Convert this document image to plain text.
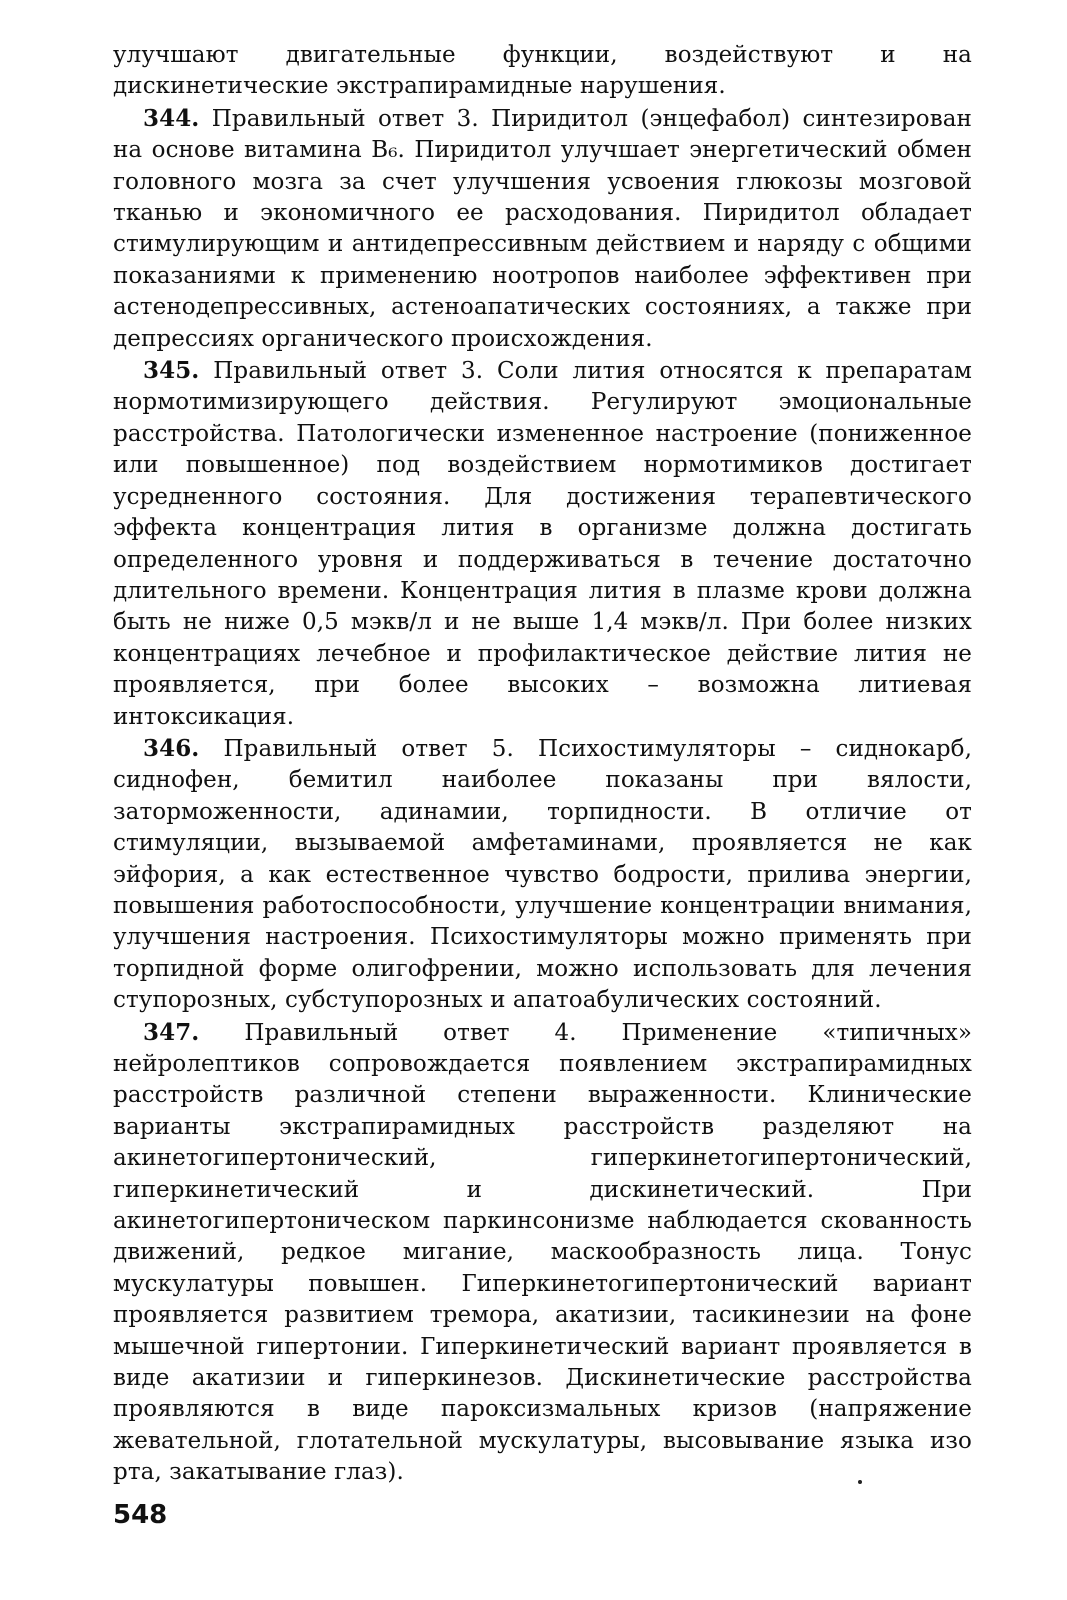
улучшают двигательные функции, воздействуют и на дискинетические экстрапирамидные нарушения.

344. Правильный ответ 3. Пиридитол (энцефабол) синтезирован на основе витамина B₆. Пиридитол улучшает энергетический обмен головного мозга за счет улучшения усвоения глюкозы мозговой тканью и экономичного ее расходования. Пиридитол обладает стимулирующим и антидепрессивным действием и наряду с общими показаниями к применению ноотропов наиболее эффективен при астенодепрессивных, астеноапатических состояниях, а также при депрессиях органического происхождения.

345. Правильный ответ 3. Соли лития относятся к препаратам нормотимизирующего действия. Регулируют эмоциональные расстройства. Патологически измененное настроение (пониженное или повышенное) под воздействием нормотимиков достигает усредненного состояния. Для достижения терапевтического эффекта концентрация лития в организме должна достигать определенного уровня и поддерживаться в течение достаточно длительного времени. Концентрация лития в плазме крови должна быть не ниже 0,5 мэкв/л и не выше 1,4 мэкв/л. При более низких концентрациях лечебное и профилактическое действие лития не проявляется, при более высоких – возможна литиевая интоксикация.

346. Правильный ответ 5. Психостимуляторы – сиднокарб, сиднофен, бемитил наиболее показаны при вялости, заторможенности, адинамии, торпидности. В отличие от стимуляции, вызываемой амфетаминами, проявляется не как эйфория, а как естественное чувство бодрости, прилива энергии, повышения работоспособности, улучшение концентрации внимания, улучшения настроения. Психостимуляторы можно применять при торпидной форме олигофрении, можно использовать для лечения ступорозных, субступорозных и апатоабулических состояний.

347. Правильный ответ 4. Применение «типичных» нейролептиков сопровождается появлением экстрапирамидных расстройств различной степени выраженности. Клинические варианты экстрапирамидных расстройств разделяют на акинетогипертонический, гиперкинетогипертонический, гиперкинетический и дискинетический. При акинетогипертоническом паркинсонизме наблюдается скованность движений, редкое мигание, маскообразность лица. Тонус мускулатуры повышен. Гиперкинетогипертонический вариант проявляется развитием тремора, акатизии, тасикинезии на фоне мышечной гипертонии. Гиперкинетический вариант проявляется в виде акатизии и гиперкинезов. Дискинетические расстройства проявляются в виде пароксизмальных кризов (напряжение жевательной, глотательной мускулатуры, высовывание языка изо рта, закатывание глаз).

548
